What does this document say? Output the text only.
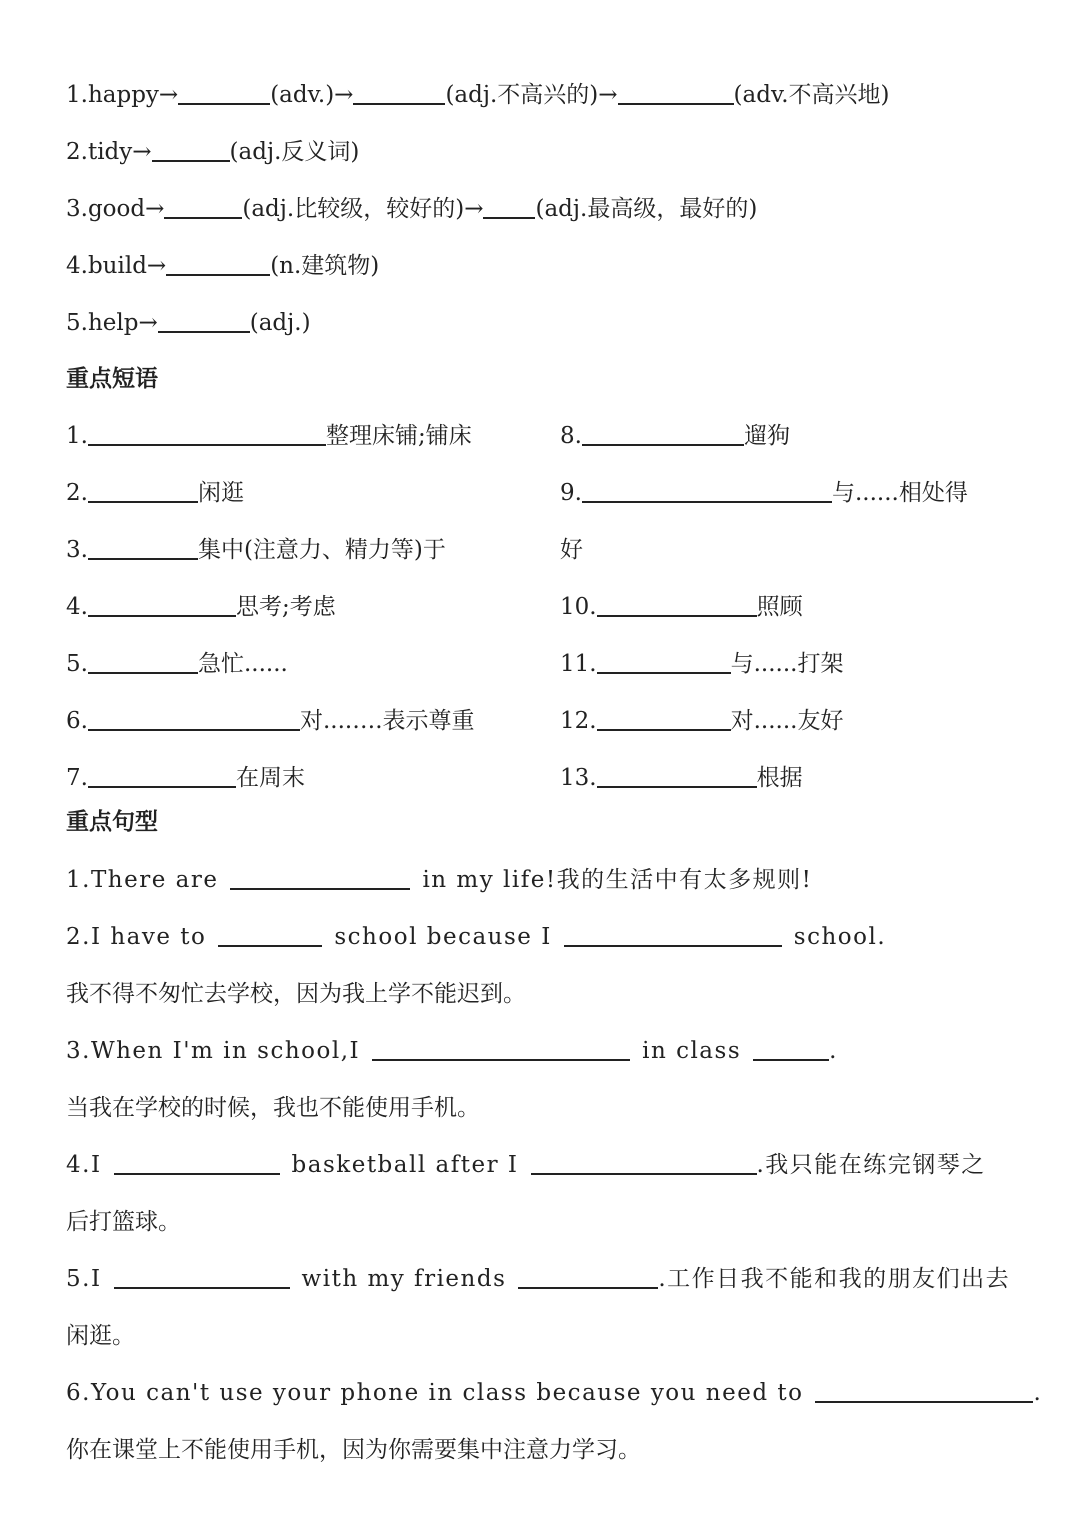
1.happy→	(adv.)→	(adj.不高兴的)→	(adv.不高兴地)
2.tidy→	(adj.反义词)
3.good→	(adj.比较级，较好的)→ (adj.最高级，最好的)
4.build→	(n.建筑物)
5.help→	(adj.)
重点短语
1.	整理床铺;铺床
2.	闲逛
3.	集中(注意力、精力等)于
4.	思考;考虑
5.	急忙......
6.	对....….表示尊重
7.	在周末
8.	遛狗
9.	与......相处得
好
10.	照顾
11.	与......打架
12.	对......友好
13.	根据
重点句型
1.There are	in my life!我的生活中有太多规则!
2.I have to	school because I	school.
我不得不匆忙去学校，因为我上学不能迟到。
3.When I'm in school,I	in class	.
当我在学校的时候，我也不能使用手机。
4.I	basketball after I	.我只能在练完钢琴之
后打篮球。
5.I	with my friends	.工作日我不能和我的朋友们出去
闲逛。
6.You can't use your phone in class because you need to	.
你在课堂上不能使用手机，因为你需要集中注意力学习。
